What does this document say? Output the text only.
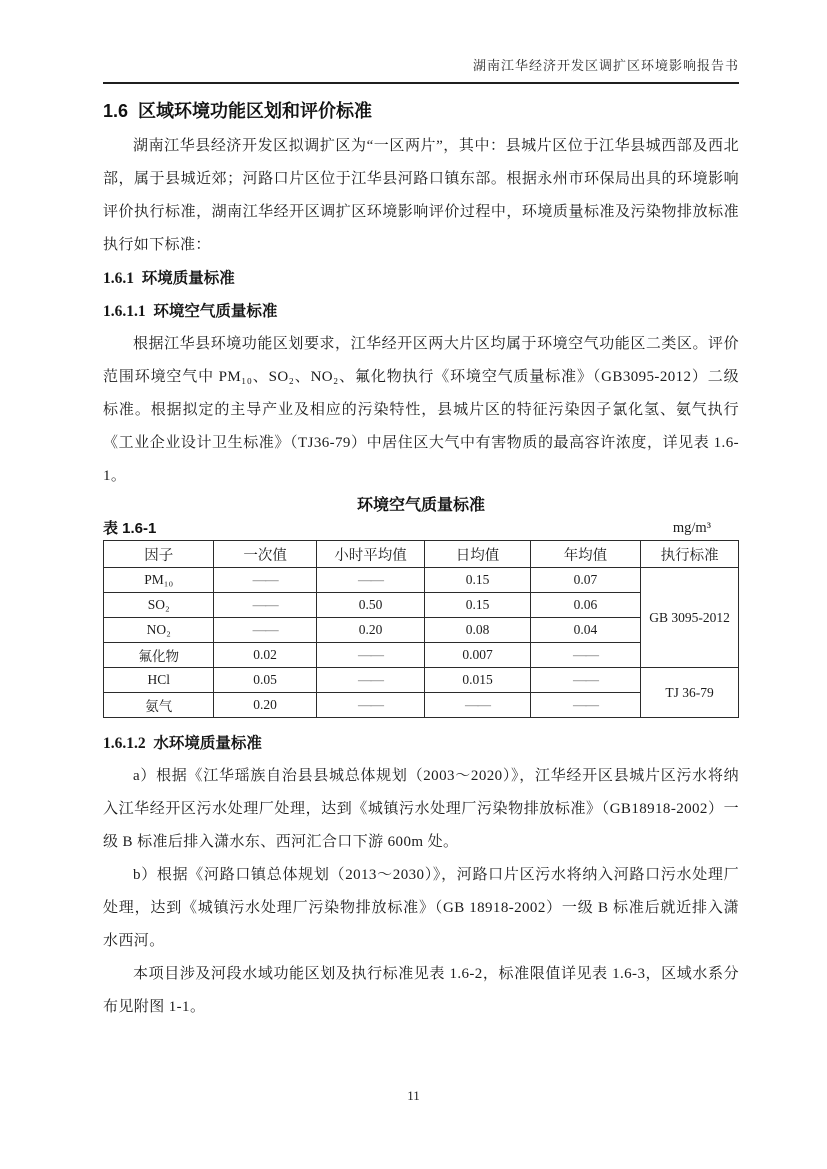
湖南江华经济开发区调扩区环境影响报告书
1.6  区域环境功能区划和评价标准

湖南江华县经济开发区拟调扩区为“一区两片”，其中：县城片区位于江华县城西部及西北部，属于县城近郊；河路口片区位于江华县河路口镇东部。根据永州市环保局出具的环境影响评价执行标准，湖南江华经开区调扩区环境影响评价过程中，环境质量标准及污染物排放标准执行如下标准：

1.6.1  环境质量标准
1.6.1.1  环境空气质量标准

根据江华县环境功能区划要求，江华经开区两大片区均属于环境空气功能区二类区。评价范围环境空气中 PM₁₀、SO₂、NO₂、氟化物执行《环境空气质量标准》（GB3095-2012）二级标准。根据拟定的主导产业及相应的污染特性，县城片区的特征污染因子氯化氢、氨气执行《工业企业设计卫生标准》（TJ36-79）中居住区大气中有害物质的最高容许浓度，详见表 1.6-1。

环境空气质量标准
表 1.6-1	mg/m³
因子	一次值	小时平均值	日均值	年均值	执行标准
PM₁₀	——	——	0.15	0.07	GB 3095-2012
SO₂	——	0.50	0.15	0.06	
NO₂	——	0.20	0.08	0.04	
氟化物	0.02	——	0.007	——	
HCl	0.05	——	0.015	——	TJ 36-79
氨气	0.20	——	——	——	
1.6.1.2  水环境质量标准

a）根据《江华瑶族自治县县城总体规划（2003～2020）》，江华经开区县城片区污水将纳入江华经开区污水处理厂处理，达到《城镇污水处理厂污染物排放标准》（GB18918-2002）一级 B 标准后排入潇水东、西河汇合口下游 600m 处。

b）根据《河路口镇总体规划（2013～2030）》，河路口片区污水将纳入河路口污水处理厂处理，达到《城镇污水处理厂污染物排放标准》（GB 18918-2002）一级 B 标准后就近排入潇水西河。

本项目涉及河段水域功能区划及执行标准见表 1.6-2，标准限值详见表 1.6-3，区域水系分布见附图 1-1。

11
